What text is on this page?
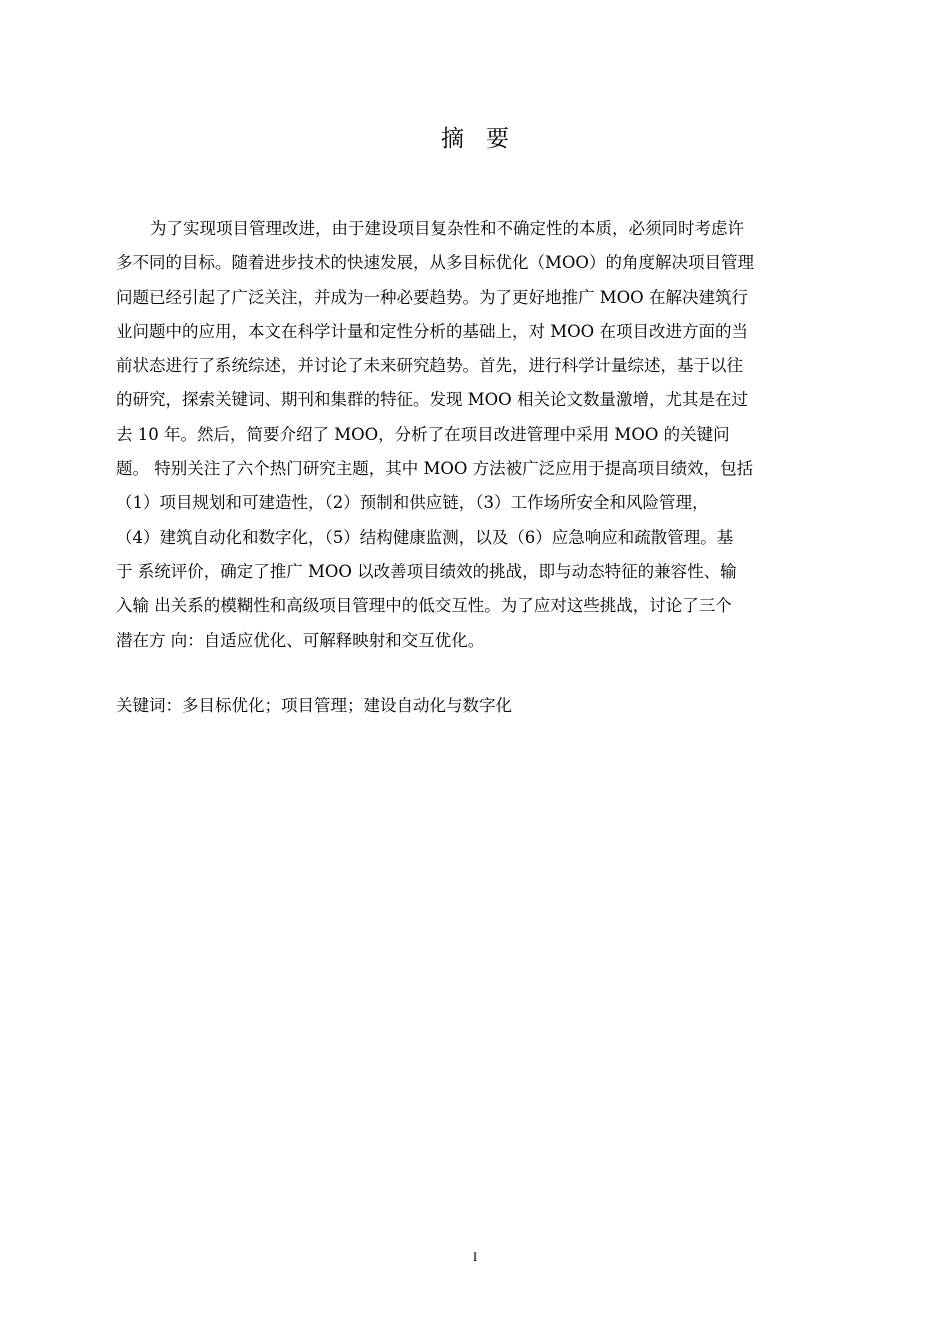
摘要
为了实现项目管理改进，由于建设项目复杂性和不确定性的本质，必须同时考虑许
多不同的目标。随着进步技术的快速发展，从多目标优化（MOO）的角度解决项目管理
问题已经引起了广泛关注，并成为一种必要趋势。为了更好地推广 MOO 在解决建筑行
业问题中的应用，本文在科学计量和定性分析的基础上，对 MOO 在项目改进方面的当
前状态进行了系统综述，并讨论了未来研究趋势。首先，进行科学计量综述，基于以往
的研究，探索关键词、期刊和集群的特征。发现 MOO 相关论文数量激增，尤其是在过
去 10 年。然后，简要介绍了 MOO，分析了在项目改进管理中采用 MOO 的关键问
题。 特别关注了六个热门研究主题，其中 MOO 方法被广泛应用于提高项目绩效，包括
（1）项目规划和可建造性，（2）预制和供应链，（3）工作场所安全和风险管理，
（4）建筑自动化和数字化，（5）结构健康监测，以及（6）应急响应和疏散管理。基
于 系统评价，确定了推广 MOO 以改善项目绩效的挑战，即与动态特征的兼容性、输
入输 出关系的模糊性和高级项目管理中的低交互性。为了应对这些挑战，讨论了三个
潜在方 向：自适应优化、可解释映射和交互优化。
关键词：多目标优化；项目管理；建设自动化与数字化
I
